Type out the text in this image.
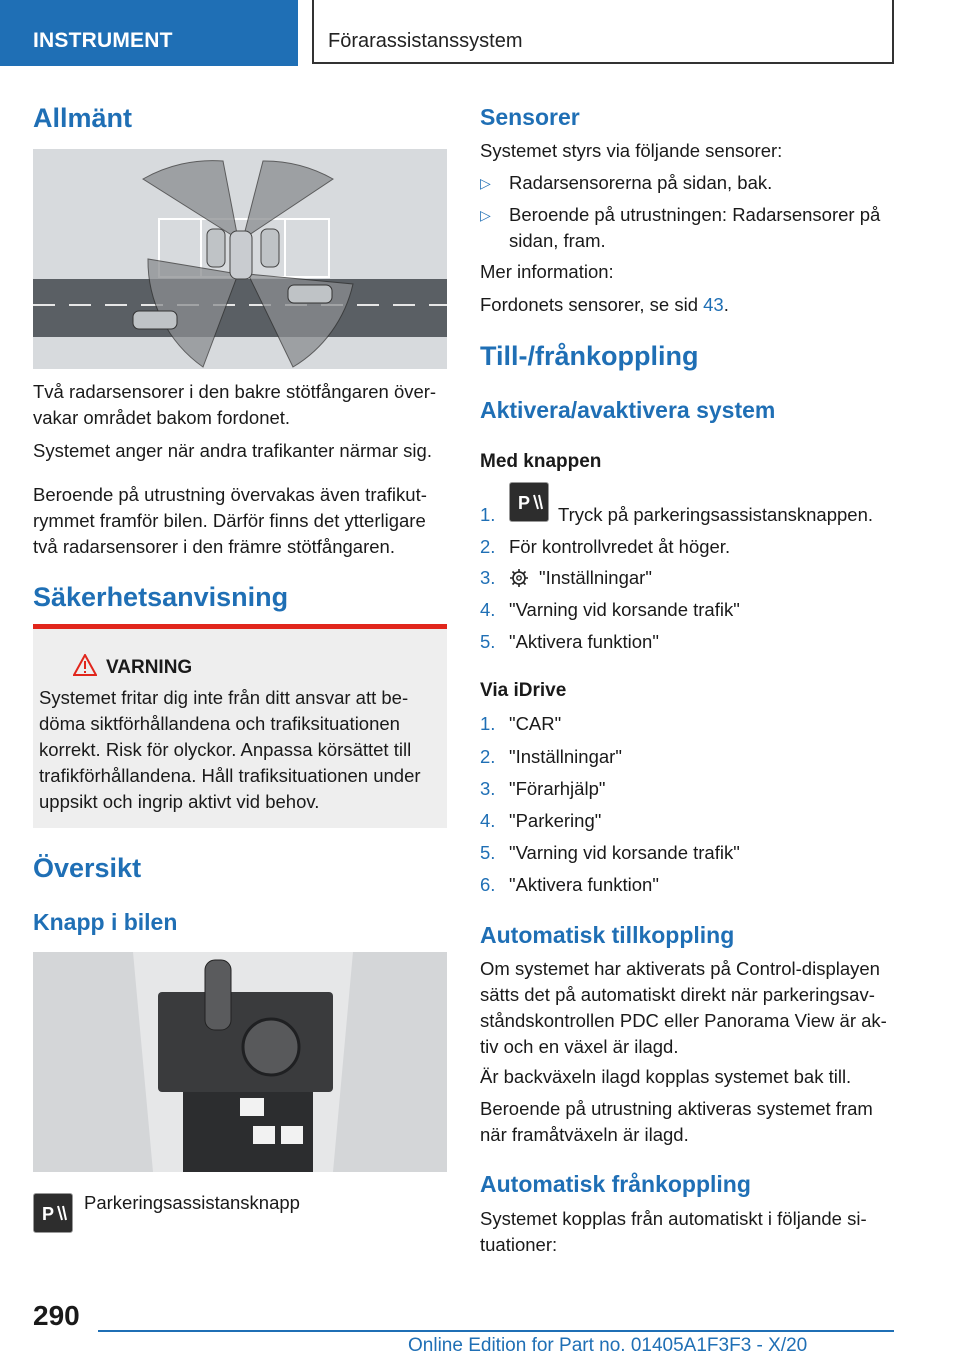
INSTRUMENT	Förarassistanssystem
Allmänt

Två radarsensorer i den bakre stötfångaren över-vakar området bakom fordonet.

Systemet anger när andra trafikanter närmar sig.

Beroende på utrustning övervakas även trafikut-rymmet framför bilen. Därför finns det ytterligare två radarsensorer i den främre stötfångaren.

Säkerhetsanvisning
VARNING
Systemet fritar dig inte från ditt ansvar att be-döma siktförhållandena och trafiksituationen korrekt. Risk för olyckor. Anpassa körsättet till trafikförhållandena. Håll trafiksituationen under uppsikt och ingrip aktivt vid behov.
Översikt
Knapp i bilen
P
Parkeringsassistansknapp
Sensorer

Systemet styrs via följande sensorer:

▷ Radarsensorerna på sidan, bak.
▷ Beroende på utrustningen: Radarsensorer på sidan, fram.

Mer information:

Fordonets sensorer, se sid 43.

Till-/frånkoppling
Aktivera/avaktivera system
Med knappen
1.
P
Tryck på parkeringsassistansknappen.
2. För kontrollvredet åt höger.
3. "Inställningar"
4. "Varning vid korsande trafik"
5. "Aktivera funktion"
Via iDrive
1. "CAR"
2. "Inställningar"
3. "Förarhjälp"
4. "Parkering"
5. "Varning vid korsande trafik"
6. "Aktivera funktion"
Automatisk tillkoppling

Om systemet har aktiverats på Control-displayen sätts det på automatiskt direkt när parkeringsav-ståndskontrollen PDC eller Panorama View är ak-tiv och en växel är ilagd.

Är backväxeln ilagd kopplas systemet bak till.

Beroende på utrustning aktiveras systemet fram när framåtväxeln är ilagd.

Automatisk frånkoppling

Systemet kopplas från automatiskt i följande si-tuationer:

290
Online Edition for Part no. 01405A1F3F3 - X/20
